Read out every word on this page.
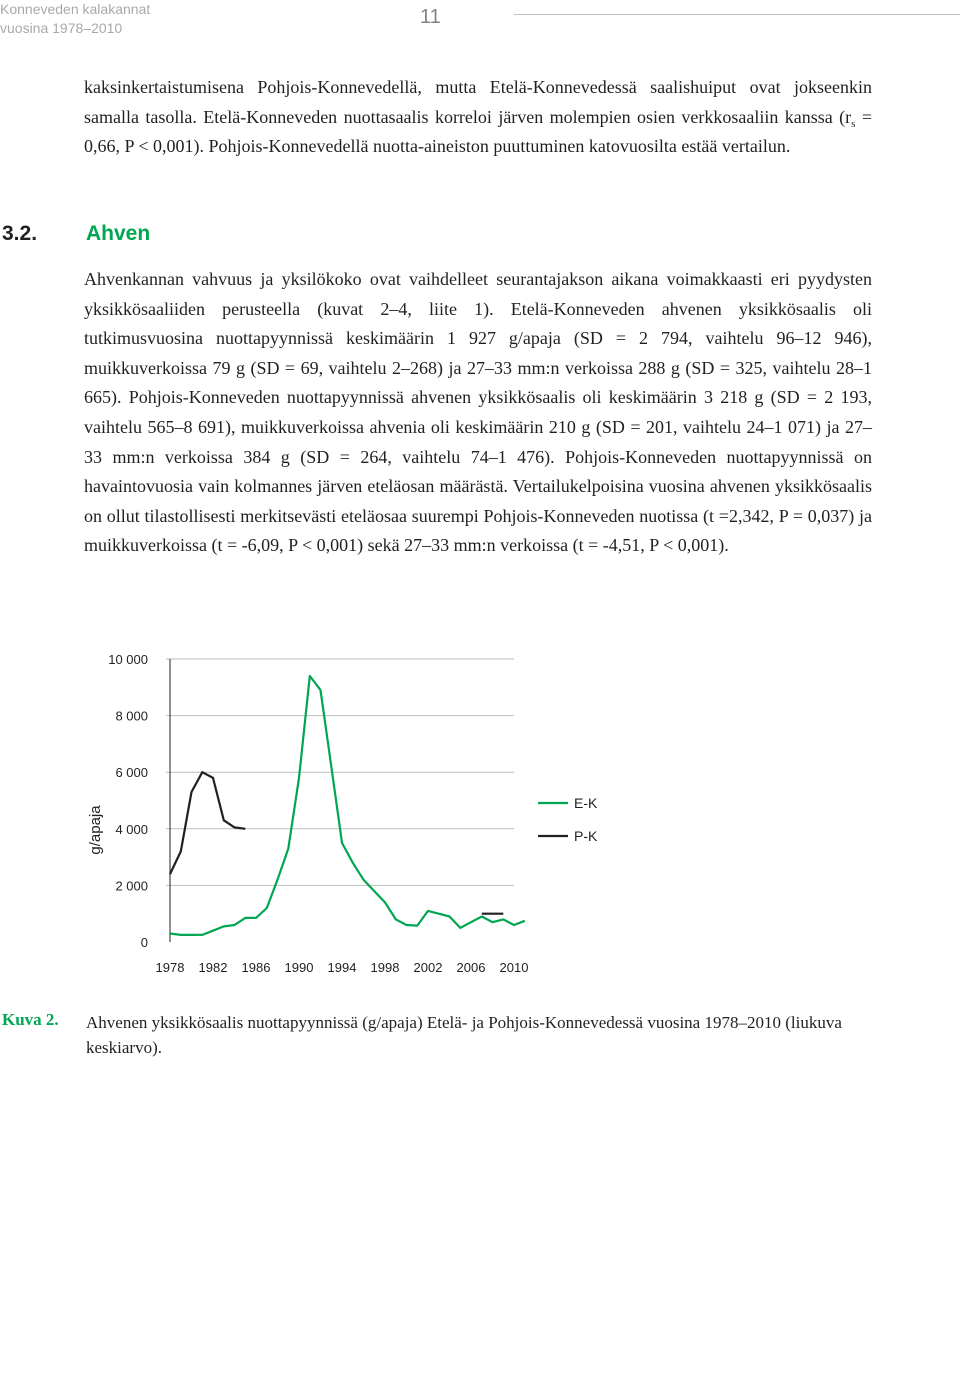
Konneveden kalakannat
vuosina 1978–2010	11

kaksinkertaistumisena Pohjois-Konnevedellä, mutta Etelä-Konnevedessä saalishuiput ovat jokseenkin samalla tasolla. Etelä-Konneveden nuottasaalis korreloi järven molempien osien verkkosaaliin kanssa ($r_s = 0,66$, P < 0,001). Pohjois-Konnevedellä nuotta-aineiston puuttuminen katovuosilta estää vertailun.

3.2. Ahven

Ahvenkannan vahvuus ja yksilökoko ovat vaihdelleet seurantajakson aikana voimakkaasti eri pyydysten yksikkösaaliiden perusteella (kuvat 2–4, liite 1). Etelä-Konneveden ahvenen yksikkösaalis oli tutkimusvuosina nuottapyynnissä keskimäärin 1 927 g/apaja (SD = 2 794, vaihtelu 96–12 946), muikkuverkoissa 79 g (SD = 69, vaihtelu 2–268) ja 27–33 mm:n verkoissa 288 g (SD = 325, vaihtelu 28–1 665). Pohjois-Konneveden nuottapyynnissä ahvenen yksikkösaalis oli keskimäärin 3 218 g (SD = 2 193, vaihtelu 565–8 691), muikkuverkoissa ahvenia oli keskimäärin 210 g (SD = 201, vaihtelu 24–1 071) ja 27–33 mm:n verkoissa 384 g (SD = 264, vaihtelu 74–1 476). Pohjois-Konneveden nuottapyynnissä on havaintovuosia vain kolmannes järven eteläosan määrästä. Vertailukelpoisina vuosina ahvenen yksikkösaalis on ollut tilastollisesti merkitsevästi eteläosaa suurempi Pohjois-Konneveden nuotissa (t =2,342, P = 0,037) ja muikkuverkoissa (t = -6,09, P < 0,001) sekä 27–33 mm:n verkoissa (t = -4,51, P < 0,001).

0
2 000
4 000
6 000
8 000
10 000
1978 1982 1986 1990 1994 1998 2002 2006 2010
E-K
P-K
g/apaja
Kuva 2. Ahvenen yksikkösaalis nuottapyynnissä (g/apaja) Etelä- ja Pohjois-Konnevedessä vuosina 1978–2010 (liukuva keskiarvo).
